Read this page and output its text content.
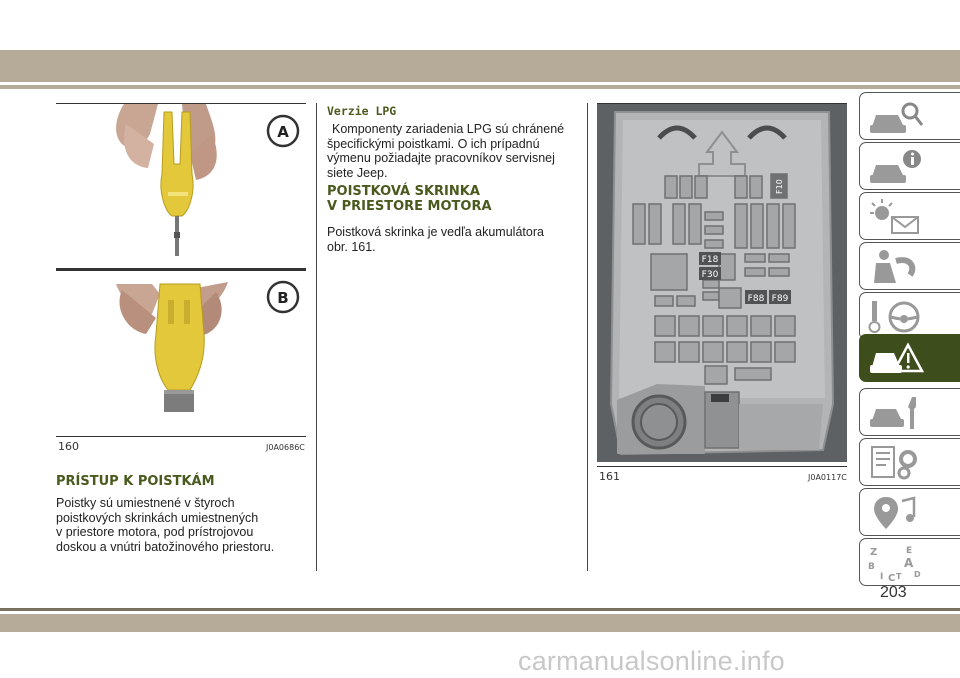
A
B
160	J0A0686C
PRÍSTUP K POISTKÁM
Poistky sú umiestnené v štyroch
poistkových skrinkách umiestnených
v priestore motora, pod prístrojovou
doskou a vnútri batožinového priestoru.
Verzie LPG
Komponenty zariadenia LPG sú chránené
špecifickými poistkami. O ich prípadnú
výmenu požiadajte pracovníkov servisnej
siete Jeep.
POISTKOVÁ SKRINKA
V PRIESTORE MOTORA
Poistková skrinka je vedľa akumulátora
obr. 161.
F18
F30
F88 F89
F10
161	J0A0117C
Z	E
B A
I C T D
203
carmanualsonline.info
